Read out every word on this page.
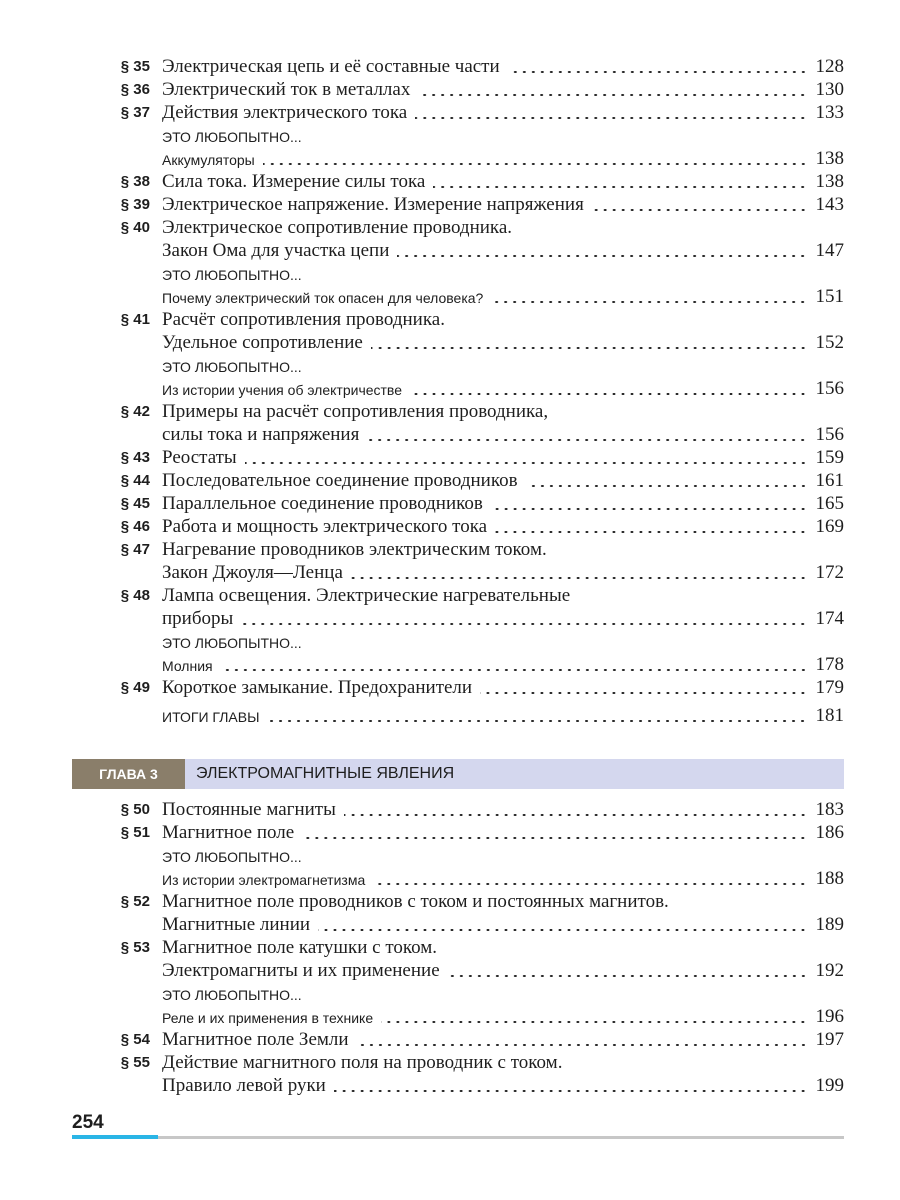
§ 35 Электрическая цепь и её составные части	128
§ 36 Электрический ток в металлах	130
§ 37 Действия электрического тока	133
ЭТО ЛЮБОПЫТНО...
Аккумуляторы	138
§ 38 Сила тока. Измерение силы тока	138
§ 39 Электрическое напряжение. Измерение напряжения	143
§ 40 Электрическое сопротивление проводника.
Закон Ома для участка цепи	147
ЭТО ЛЮБОПЫТНО...
Почему электрический ток опасен для человека?	151
§ 41 Расчёт сопротивления проводника.
Удельное сопротивление	152
ЭТО ЛЮБОПЫТНО...
Из истории учения об электричестве	156
§ 42 Примеры на расчёт сопротивления проводника,
силы тока и напряжения	156
§ 43 Реостаты	159
§ 44 Последовательное соединение проводников	161
§ 45 Параллельное соединение проводников	165
§ 46 Работа и мощность электрического тока	169
§ 47 Нагревание проводников электрическим током.
Закон Джоуля—Ленца	172
§ 48 Лампа освещения. Электрические нагревательные
приборы	174
ЭТО ЛЮБОПЫТНО...
Молния	178
§ 49 Короткое замыкание. Предохранители	179
ИТОГИ ГЛАВЫ	181
§ 50 Постоянные магниты	183
§ 51 Магнитное поле	186
ЭТО ЛЮБОПЫТНО...
Из истории электромагнетизма	188
§ 52 Магнитное поле проводников с током и постоянных магнитов.
Магнитные линии	189
§ 53 Магнитное поле катушки с током.
Электромагниты и их применение	192
ЭТО ЛЮБОПЫТНО...
Реле и их применения в технике	196
§ 54 Магнитное поле Земли	197
§ 55 Действие магнитного поля на проводник с током.
Правило левой руки	199
ГЛАВА 3	ЭЛЕКТРОМАГНИТНЫЕ ЯВЛЕНИЯ
254
